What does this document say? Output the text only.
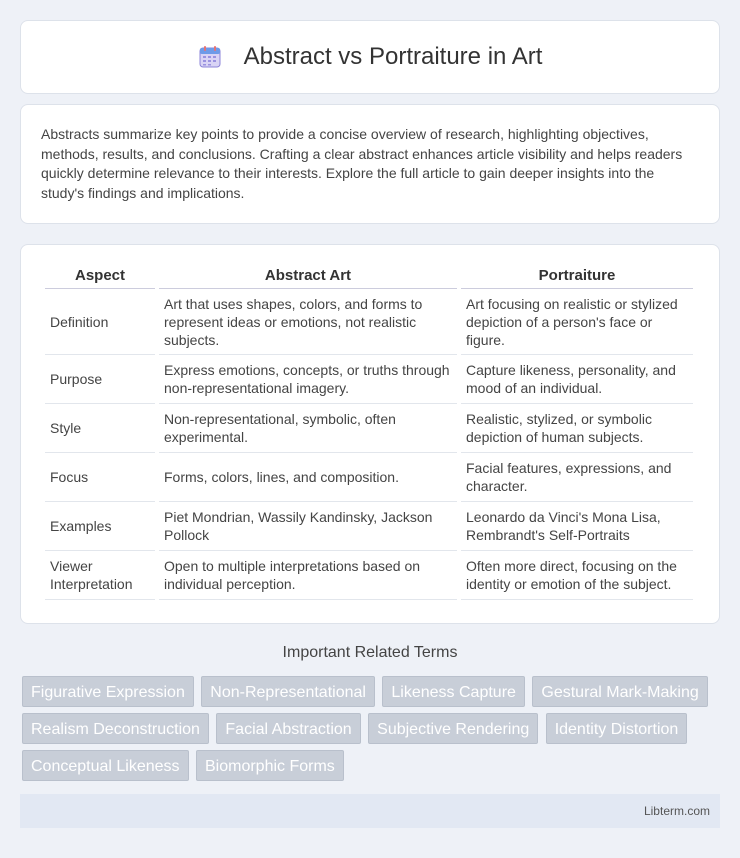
Abstract vs Portraiture in Art

Abstracts summarize key points to provide a concise overview of research, highlighting objectives, methods, results, and conclusions. Crafting a clear abstract enhances article visibility and helps readers quickly determine relevance to their interests. Explore the full article to gain deeper insights into the study's findings and implications.

Aspect	Abstract Art	Portraiture
Definition	Art that uses shapes, colors, and forms to represent ideas or emotions, not realistic subjects.	Art focusing on realistic or stylized depiction of a person's face or figure.
Purpose	Express emotions, concepts, or truths through non-representational imagery.	Capture likeness, personality, and mood of an individual.
Style	Non-representational, symbolic, often experimental.	Realistic, stylized, or symbolic depiction of human subjects.
Focus	Forms, colors, lines, and composition.	Facial features, expressions, and character.
Examples	Piet Mondrian, Wassily Kandinsky, Jackson Pollock	Leonardo da Vinci's Mona Lisa, Rembrandt's Self-Portraits
Viewer Interpretation	Open to multiple interpretations based on individual perception.	Often more direct, focusing on the identity or emotion of the subject.
Important Related Terms
Figurative Expression Non-Representational Likeness Capture Gestural Mark-Making Realism Deconstruction Facial Abstraction Subjective Rendering Identity Distortion Conceptual Likeness Biomorphic Forms
Libterm.com
